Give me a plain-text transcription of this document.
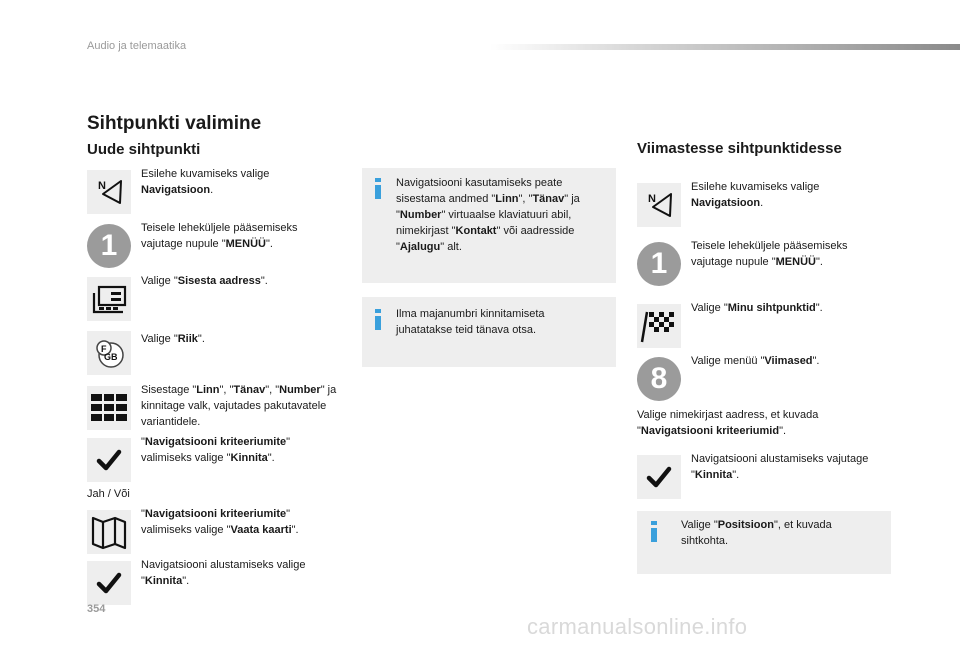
Audio ja telemaatika
Sihtpunkti valimine
Uude sihtpunkti
N
Esilehe kuvamiseks valige Navigatsioon.
1
Teisele leheküljele pääsemiseks vajutage nupule "MENÜÜ".
Valige "Sisesta aadress".
F
GB
Valige "Riik".
Sisestage "Linn", "Tänav", "Number" ja kinnitage valk, vajutades pakutavatele variantidele.
"Navigatsiooni kriteeriumite" valimiseks valige "Kinnita".
Jah / Või
"Navigatsiooni kriteeriumite" valimiseks valige "Vaata kaarti".
Navigatsiooni alustamiseks valige "Kinnita".
Navigatsiooni kasutamiseks peate sisestama andmed "Linn", "Tänav" ja "Number" virtuaalse klaviatuuri abil, nimekirjast "Kontakt" või aadresside "Ajalugu" alt.
Ilma majanumbri kinnitamiseta juhatatakse teid tänava otsa.
Viimastesse sihtpunktidesse
N
Esilehe kuvamiseks valige Navigatsioon.
1
Teisele leheküljele pääsemiseks vajutage nupule "MENÜÜ".
Valige "Minu sihtpunktid".
8
Valige menüü "Viimased".
Valige nimekirjast aadress, et kuvada "Navigatsiooni kriteeriumid".
Navigatsiooni alustamiseks vajutage "Kinnita".
Valige "Positsioon", et kuvada sihtkohta.
354
carmanualsonline.info
